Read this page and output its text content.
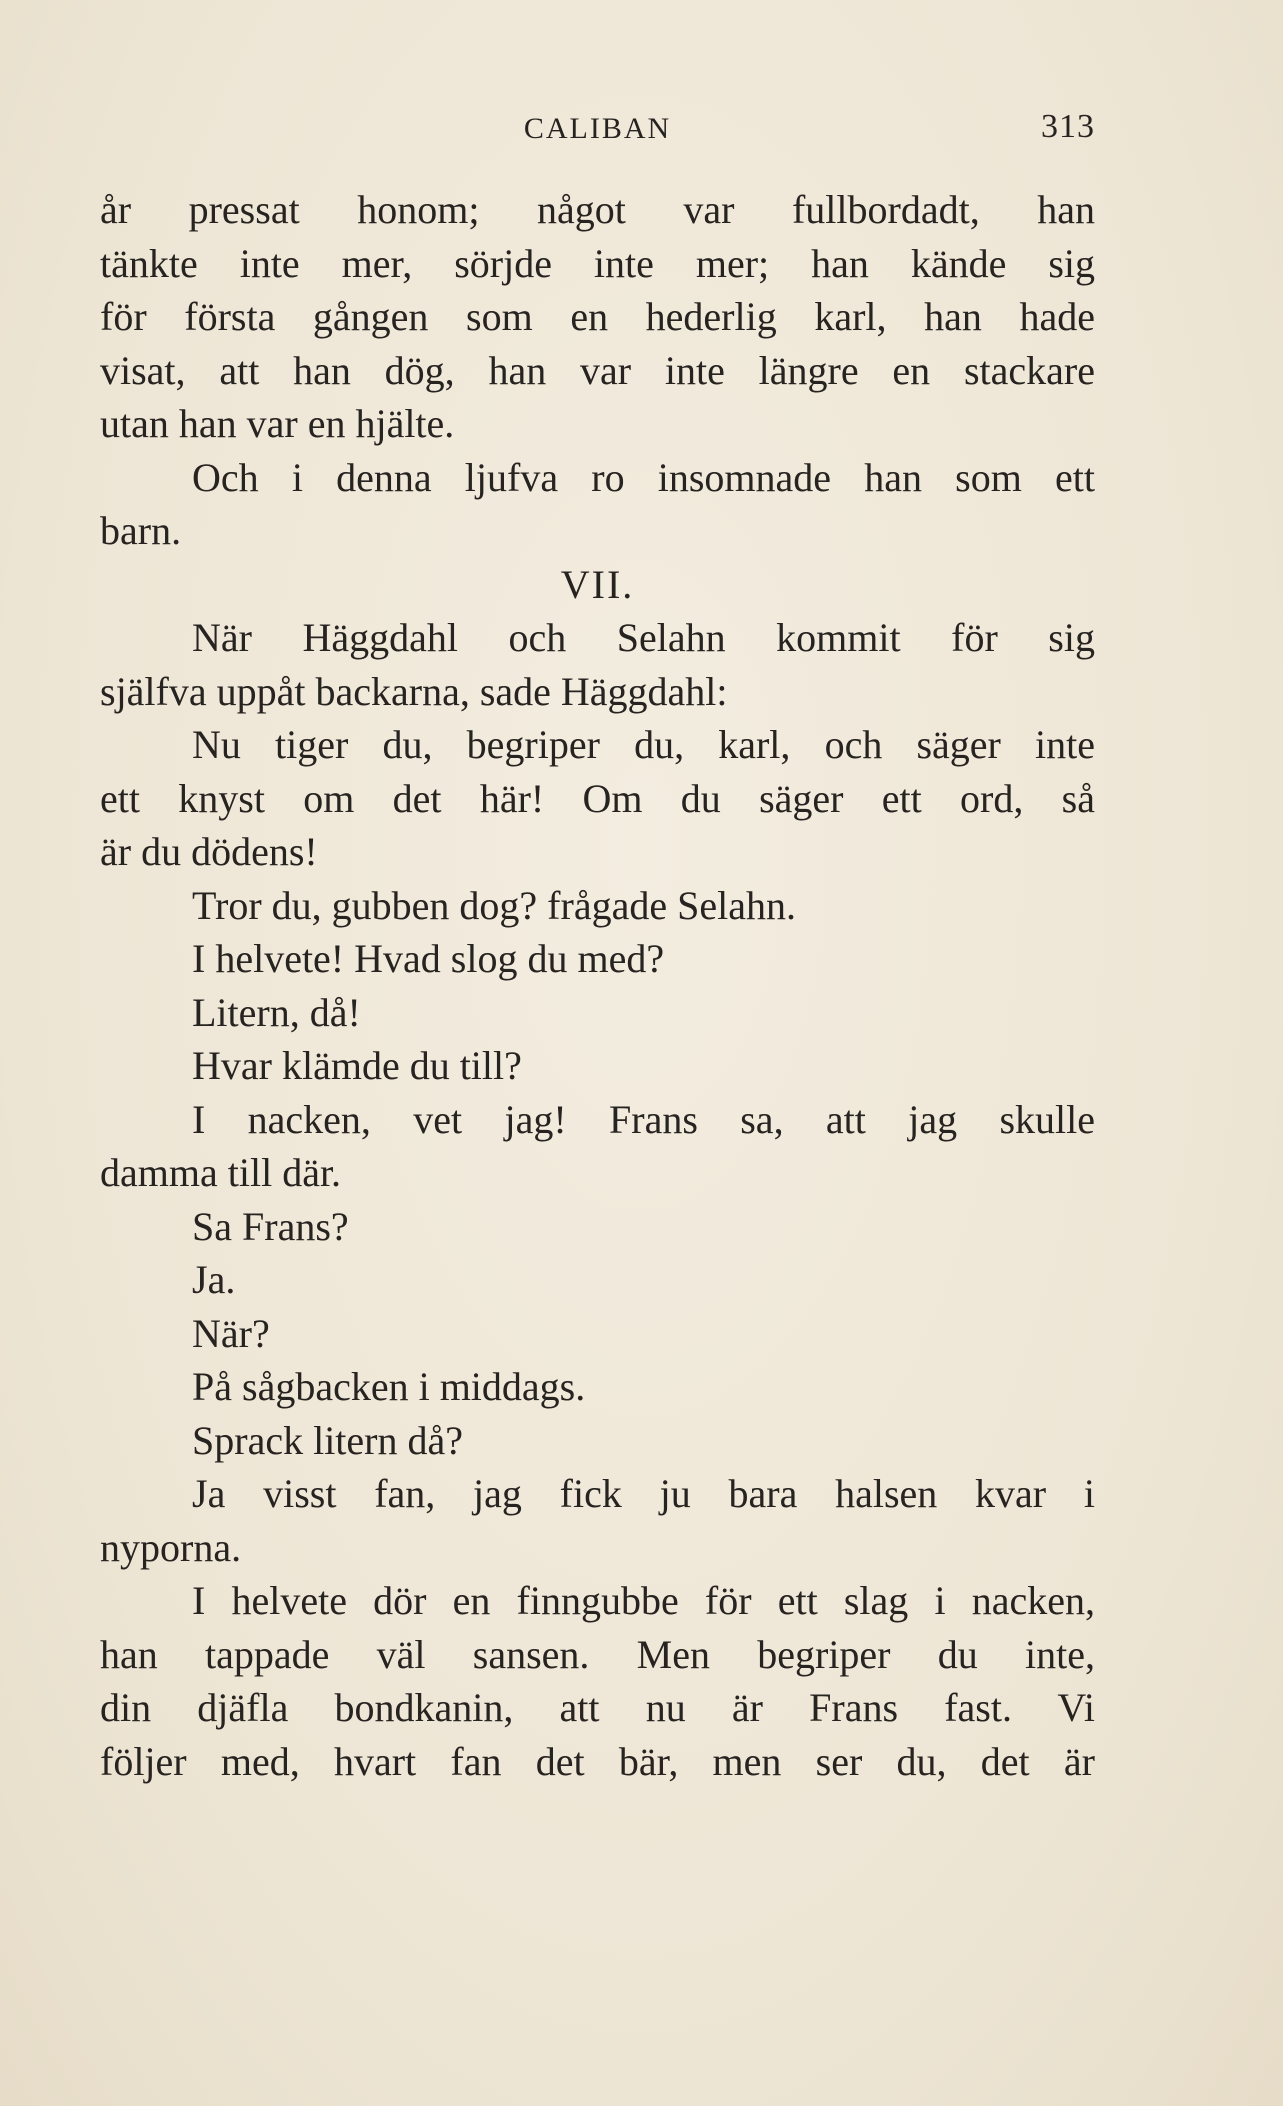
CALIBAN	313
år pressat honom; något var fullbordadt, han
tänkte inte mer, sörjde inte mer; han kände sig
för första gången som en hederlig karl, han hade
visat, att han dög, han var inte längre en stackare
utan han var en hjälte.
Och i denna ljufva ro insomnade han som ett
barn.
VII.
När Häggdahl och Selahn kommit för sig
själfva uppåt backarna, sade Häggdahl:
Nu tiger du, begriper du, karl, och säger inte
ett knyst om det här! Om du säger ett ord, så
är du dödens!
Tror du, gubben dog? frågade Selahn.
I helvete! Hvad slog du med?
Litern, då!
Hvar klämde du till?
I nacken, vet jag! Frans sa, att jag skulle
damma till där.
Sa Frans?
Ja.
När?
På sågbacken i middags.
Sprack litern då?
Ja visst fan, jag fick ju bara halsen kvar i
nyporna.
I helvete dör en finngubbe för ett slag i nacken,
han tappade väl sansen. Men begriper du inte,
din djäfla bondkanin, att nu är Frans fast. Vi
följer med, hvart fan det bär, men ser du, det är
